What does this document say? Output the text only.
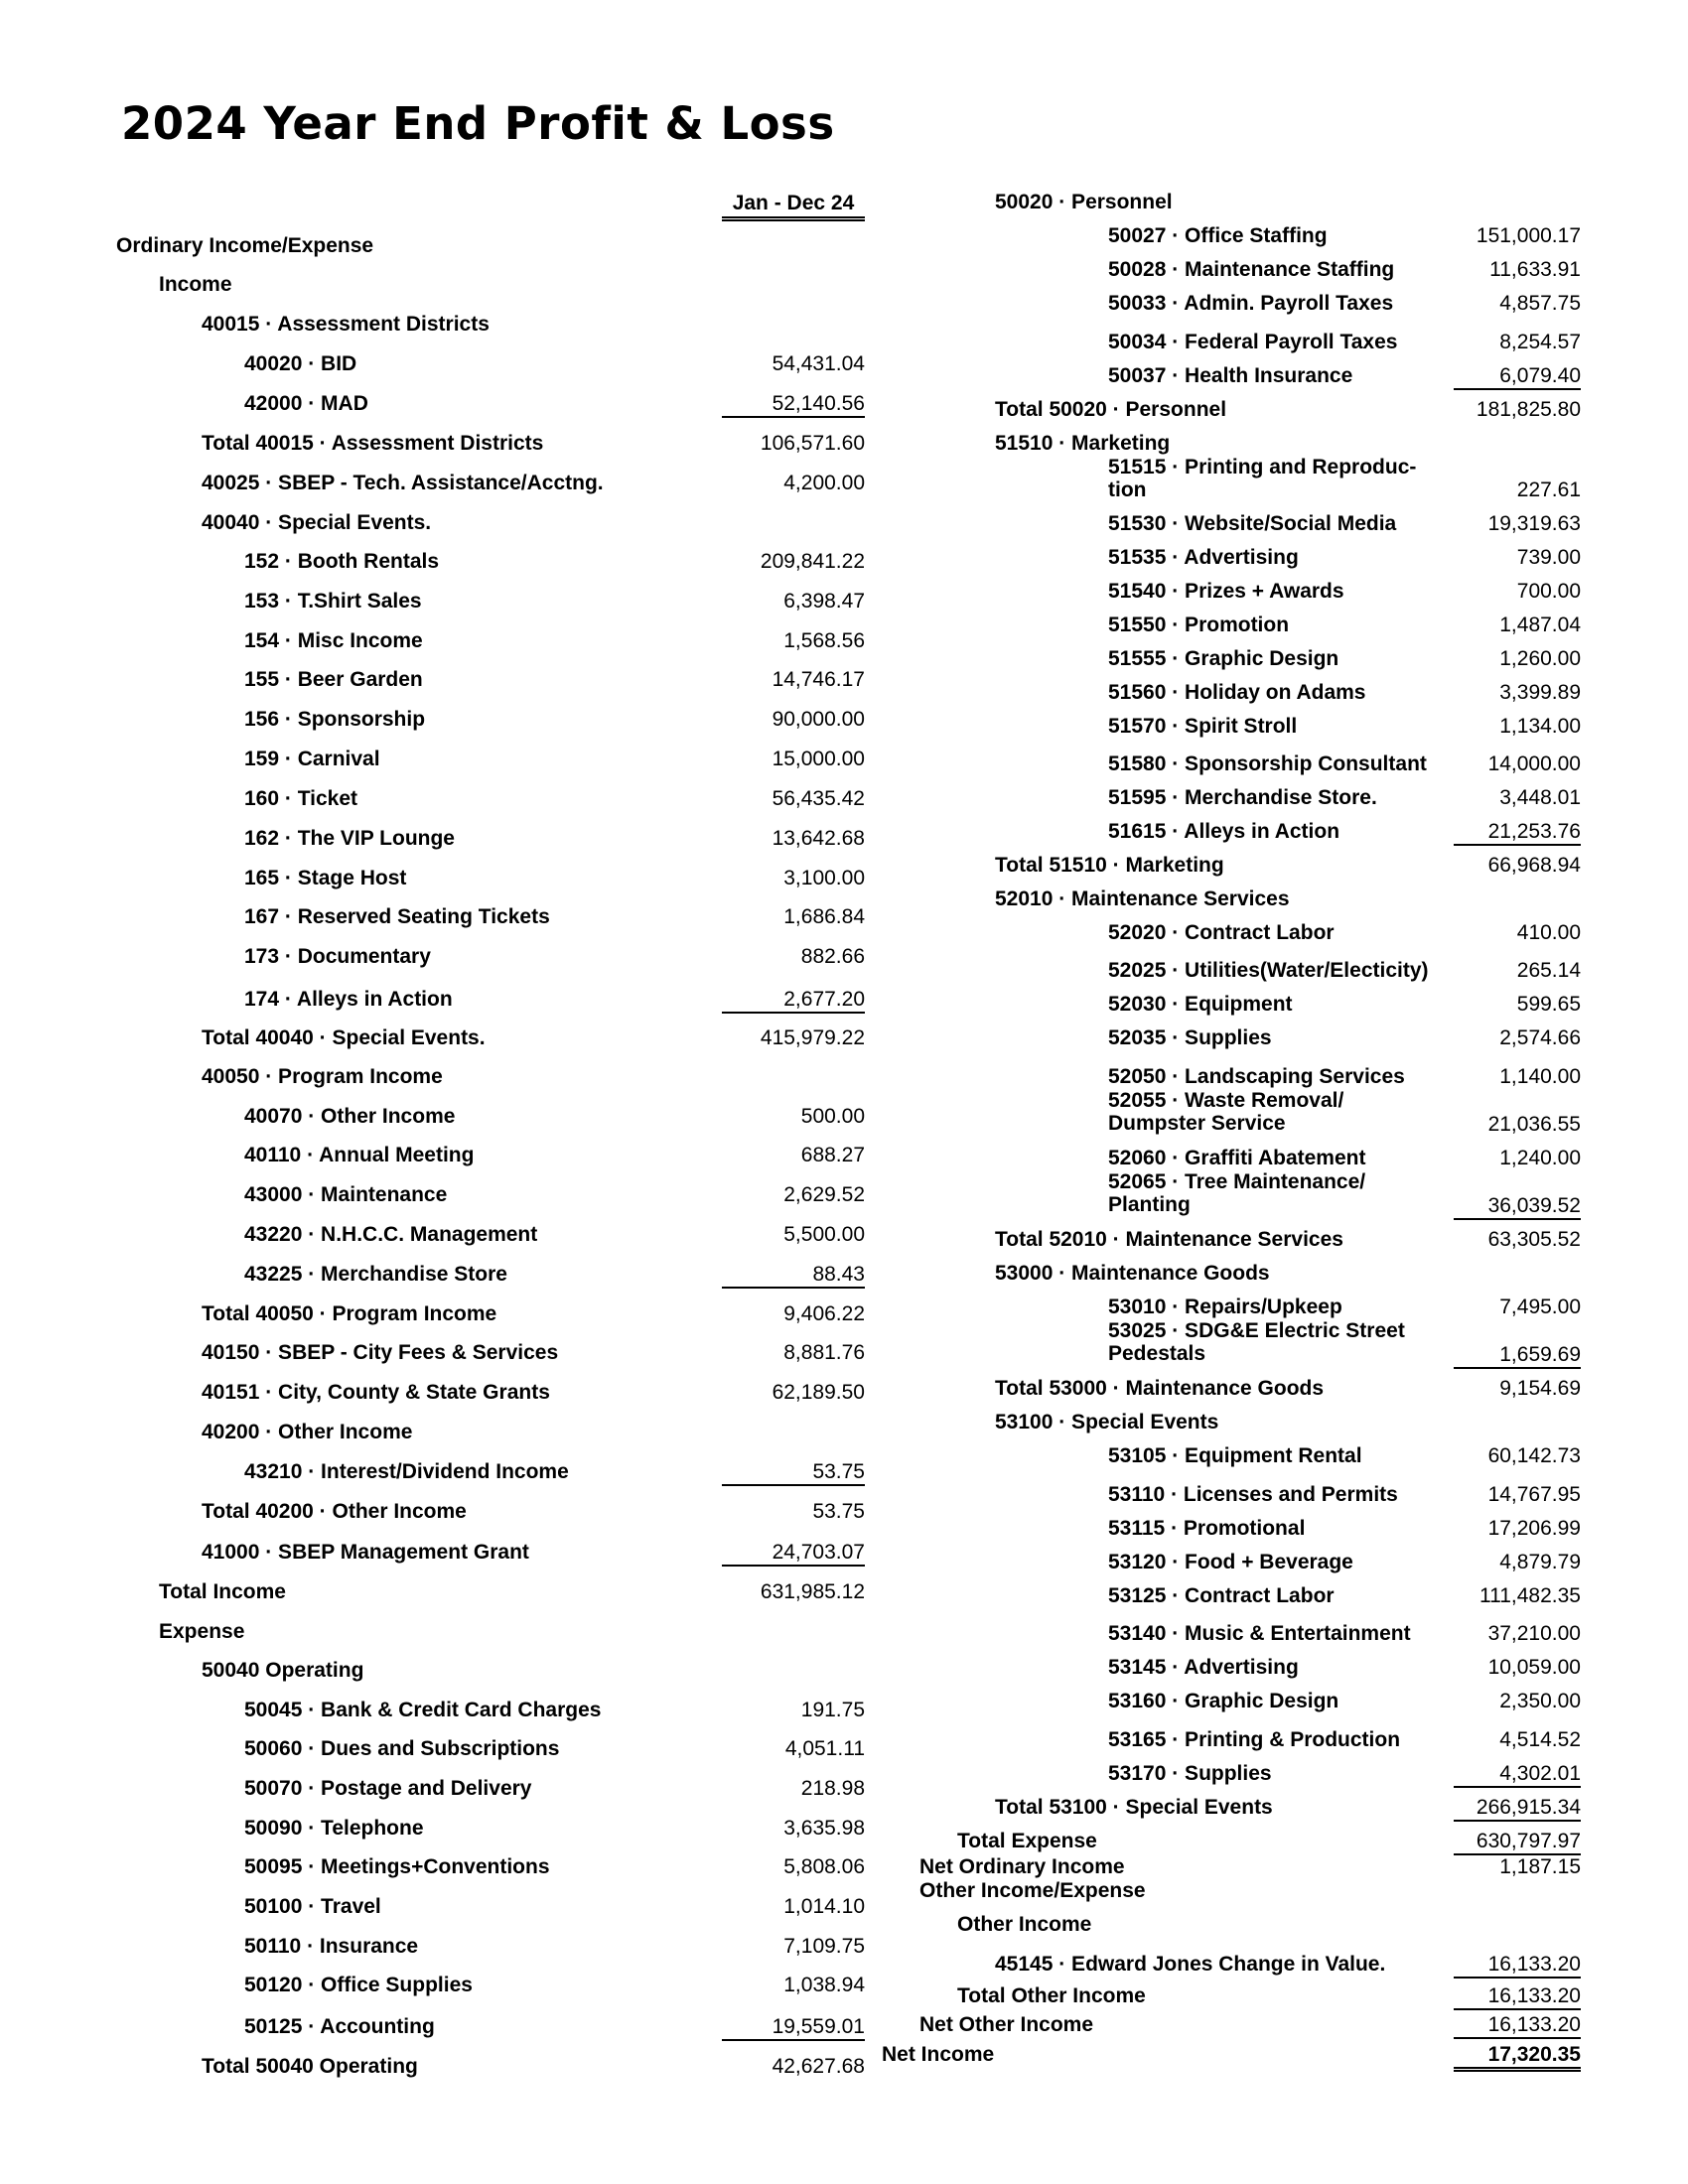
2024 Year End Profit & Loss
Jan - Dec 24
Ordinary Income/Expense
Income
40015 · Assessment Districts
40020 · BID	54,431.04
42000 · MAD	52,140.56
Total 40015 · Assessment Districts	106,571.60
40025 · SBEP - Tech. Assistance/Acctng.	4,200.00
40040 · Special Events.
152 · Booth Rentals	209,841.22
153 · T.Shirt Sales	6,398.47
154 · Misc Income	1,568.56
155 · Beer Garden	14,746.17
156 · Sponsorship	90,000.00
159 · Carnival	15,000.00
160 · Ticket	56,435.42
162 · The VIP Lounge	13,642.68
165 · Stage Host	3,100.00
167 · Reserved Seating Tickets	1,686.84
173 · Documentary	882.66
174 · Alleys in Action	2,677.20
Total 40040 · Special Events.	415,979.22
40050 · Program Income
40070 · Other Income	500.00
40110 · Annual Meeting	688.27
43000 · Maintenance	2,629.52
43220 · N.H.C.C. Management	5,500.00
43225 · Merchandise Store	88.43
Total 40050 · Program Income	9,406.22
40150 · SBEP - City Fees & Services	8,881.76
40151 · City, County & State Grants	62,189.50
40200 · Other Income
43210 · Interest/Dividend Income	53.75
Total 40200 · Other Income	53.75
41000 · SBEP Management Grant	24,703.07
Total Income	631,985.12
Expense
50040 Operating
50045 · Bank & Credit Card Charges	191.75
50060 · Dues and Subscriptions	4,051.11
50070 · Postage and Delivery	218.98
50090 · Telephone	3,635.98
50095 · Meetings+Conventions	5,808.06
50100 · Travel	1,014.10
50110 · Insurance	7,109.75
50120 · Office Supplies	1,038.94
50125 · Accounting	19,559.01
Total 50040 Operating	42,627.68
50020 · Personnel
50027 · Office Staffing	151,000.17
50028 · Maintenance Staffing	11,633.91
50033 · Admin. Payroll Taxes	4,857.75
50034 · Federal Payroll Taxes	8,254.57
50037 · Health Insurance	6,079.40
Total 50020 · Personnel	181,825.80
51510 · Marketing
51515 · Printing and Reproduc-
tion	227.61
51530 · Website/Social Media	19,319.63
51535 · Advertising	739.00
51540 · Prizes + Awards	700.00
51550 · Promotion	1,487.04
51555 · Graphic Design	1,260.00
51560 · Holiday on Adams	3,399.89
51570 · Spirit Stroll	1,134.00
51580 · Sponsorship Consultant	14,000.00
51595 · Merchandise Store.	3,448.01
51615 · Alleys in Action	21,253.76
Total 51510 · Marketing	66,968.94
52010 · Maintenance Services
52020 · Contract Labor	410.00
52025 · Utilities(Water/Electicity)	265.14
52030 · Equipment	599.65
52035 · Supplies	2,574.66
52050 · Landscaping Services	1,140.00
52055 · Waste Removal/
Dumpster Service	21,036.55
52060 · Graffiti Abatement	1,240.00
52065 · Tree Maintenance/
Planting	36,039.52
Total 52010 · Maintenance Services	63,305.52
53000 · Maintenance Goods
53010 · Repairs/Upkeep	7,495.00
53025 · SDG&E Electric Street
Pedestals	1,659.69
Total 53000 · Maintenance Goods	9,154.69
53100 · Special Events
53105 · Equipment Rental	60,142.73
53110 · Licenses and Permits	14,767.95
53115 · Promotional	17,206.99
53120 · Food + Beverage	4,879.79
53125 · Contract Labor	111,482.35
53140 · Music & Entertainment	37,210.00
53145 · Advertising	10,059.00
53160 · Graphic Design	2,350.00
53165 · Printing & Production	4,514.52
53170 · Supplies	4,302.01
Total 53100 · Special Events	266,915.34
Total Expense	630,797.97
Net Ordinary Income	1,187.15
Other Income/Expense
Other Income
45145 · Edward Jones Change in Value.	16,133.20
Total Other Income	16,133.20
Net Other Income	16,133.20
Net Income	17,320.35
